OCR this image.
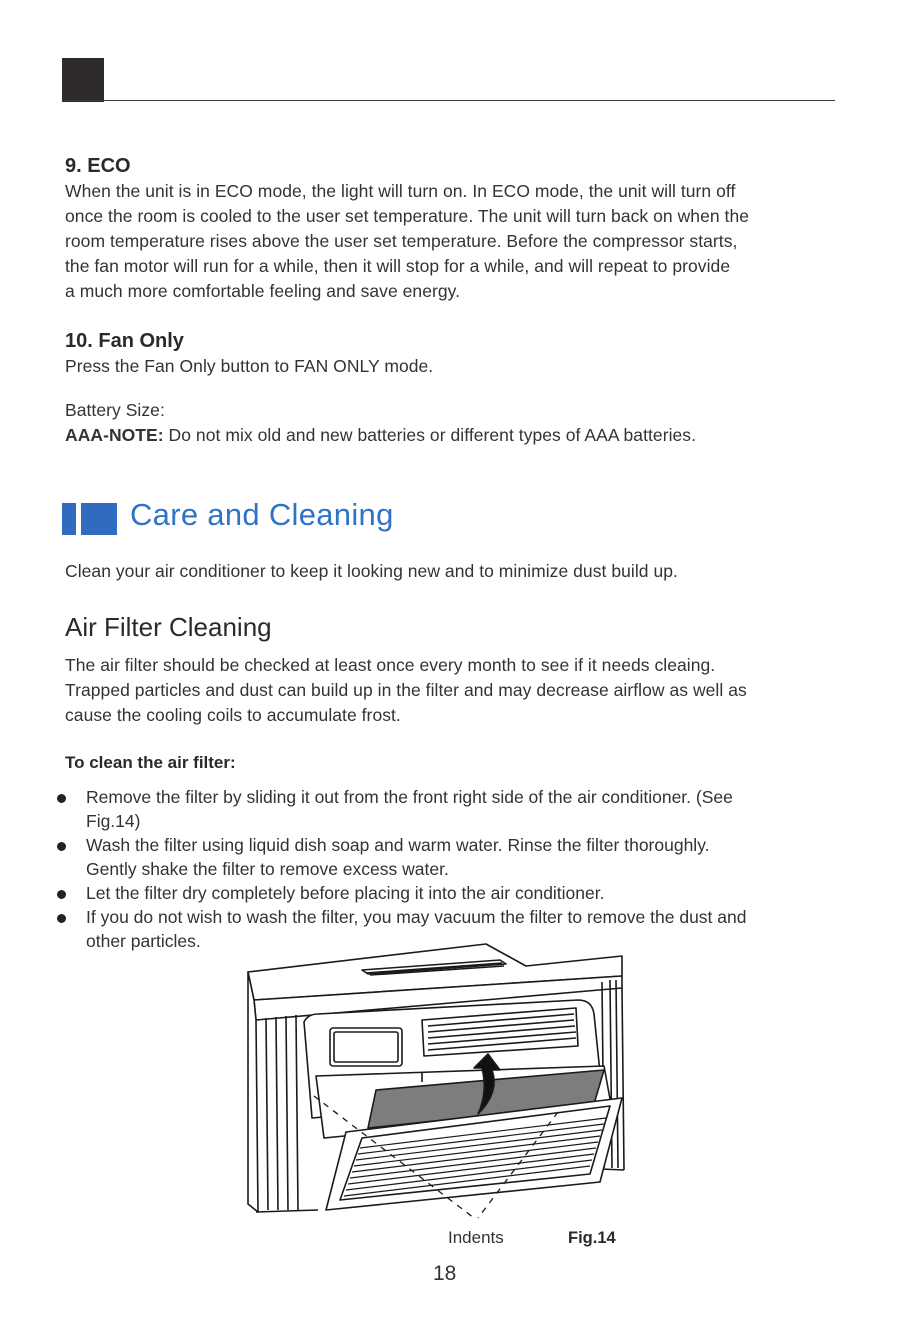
9. ECO

When the unit is in ECO mode, the light will turn on. In ECO mode, the unit will turn off

once the room is cooled to the user set temperature. The unit will turn back on when the

room temperature rises above the user set temperature. Before the compressor starts,

the fan motor will run for a while, then it will stop for a while, and will repeat to provide

a much more comfortable feeling and save energy.

10. Fan Only
Press the Fan Only button to FAN ONLY mode.

Battery Size:

AAA-NOTE: Do not mix old and new batteries or different types of AAA batteries.

Care and Cleaning
Clean your air conditioner to keep it looking new and to minimize dust build up.
Air Filter Cleaning

The air filter should be checked at least once every month to see if it needs cleaing.

Trapped particles and dust can build up in the filter and may decrease airflow as well as

cause the cooling coils to accumulate frost.

To clean the air filter:
Remove the filter by sliding it out from the front right side of the air conditioner. (See
Fig.14)
Wash the filter using liquid dish soap and warm water. Rinse the filter thoroughly.
Gently shake the filter to remove excess water.
Let the filter dry completely before placing it into the air conditioner.
If you do not wish to wash the filter, you may vacuum the filter to remove the dust and
other particles.
Indents	Fig.14
18
